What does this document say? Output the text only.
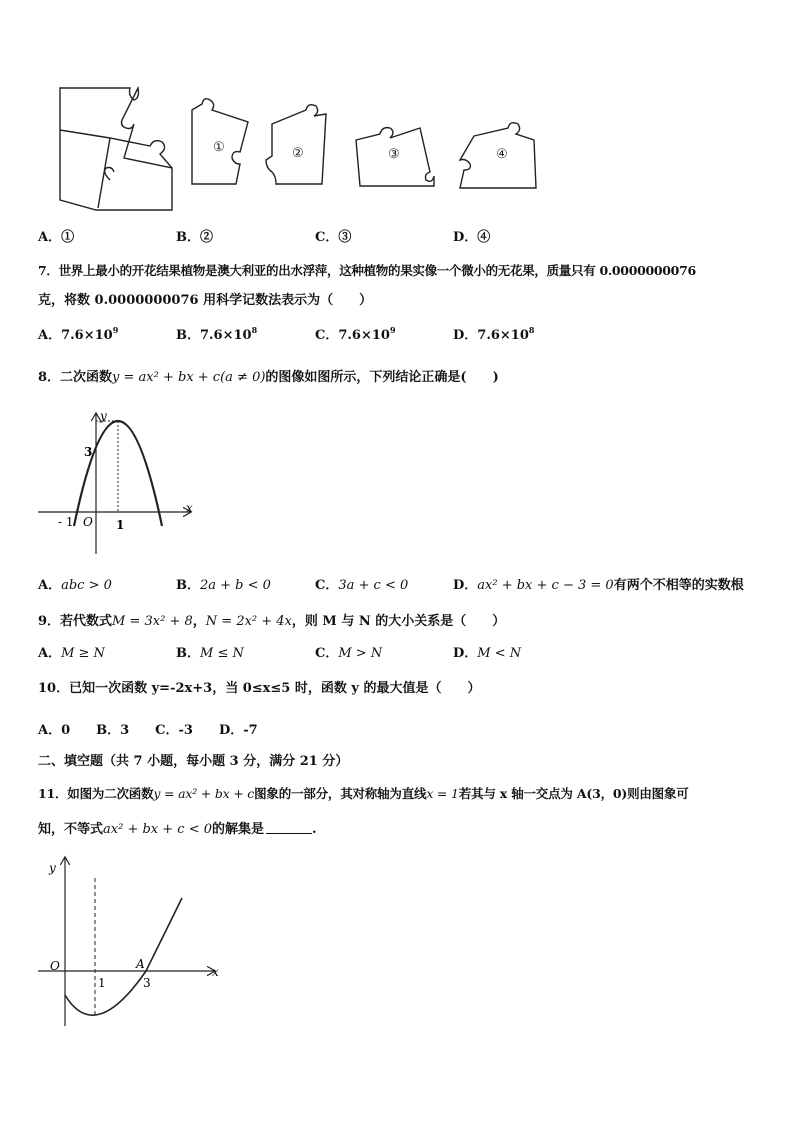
①	②	③	④
A．①	B．②	C．③	D．④
7．世界上最小的开花结果植物是澳大利亚的出水浮萍，这种植物的果实像一个微小的无花果，质量只有 0.0000000076
克，将数 0.0000000076 用科学记数法表示为（　　）
A．$7.6\times 10^9$	B．$7.6\times 10^8$	C．$7.6\times 10^9$	D．$7.6\times 10^8$
8．二次函数y = ax² + bx + c(a ≠ 0)的图像如图所示，下列结论正确是(　　)
y
x
O
3
- 1	1
A．abc > 0	B．2a + b < 0	C．3a + c < 0	D．ax² + bx + c − 3 = 0有两个不相等的实数根
9．若代数式M = 3x² + 8，N = 2x² + 4x，则 M 与 N 的大小关系是（　　）
A．M ≥ N	B．M ≤ N	C．M > N	D．M < N
10．已知一次函数 y=-2x+3，当 0≤x≤5 时，函数 y 的最大值是（　　）
A．0　　B．3　　C．-3　　D．-7
二、填空题（共 7 小题，每小题 3 分，满分 21 分）
11．如图为二次函数y = ax² + bx + c图象的一部分，其对称轴为直线x = 1若其与 x 轴一交点为 A(3，0)则由图象可
知，不等式ax² + bx + c < 0的解集是	.
y
x
O
1	3
A
